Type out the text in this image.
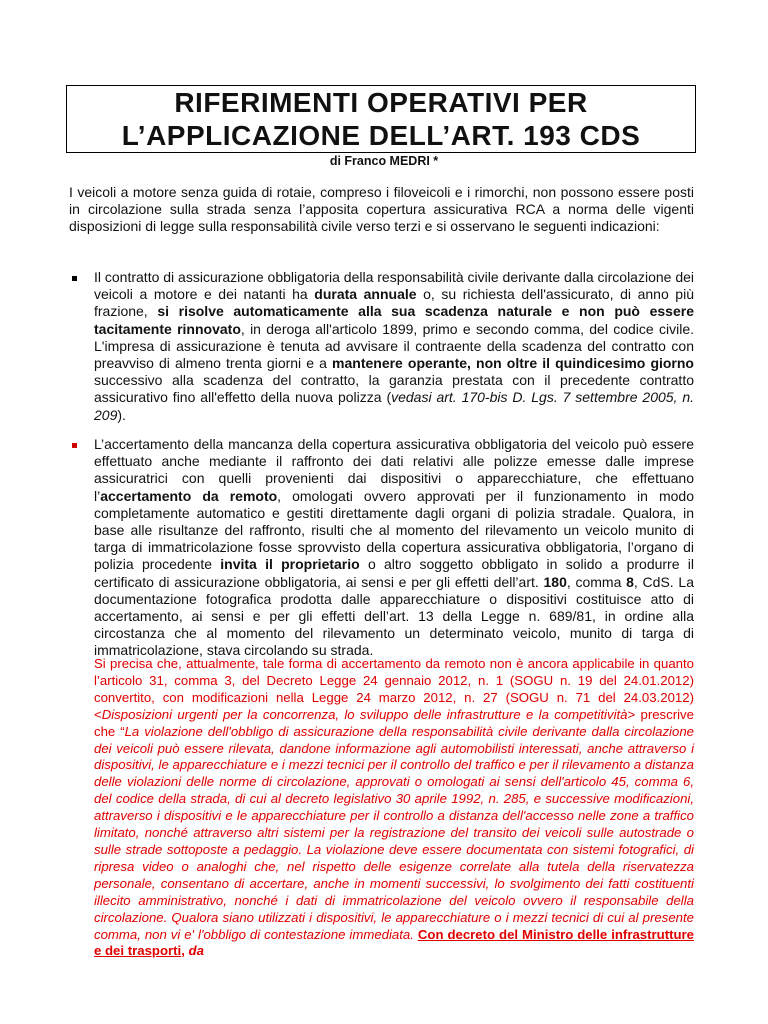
RIFERIMENTI OPERATIVI PER
L’APPLICAZIONE DELL’ART. 193 CDS
di Franco MEDRI *
I veicoli a motore senza guida di rotaie, compreso i filoveicoli e i rimorchi, non possono essere posti in circolazione sulla strada senza l’apposita copertura assicurativa RCA a norma delle vigenti disposizioni di legge sulla responsabilità civile verso terzi e si osservano le seguenti indicazioni:
Il contratto di assicurazione obbligatoria della responsabilità civile derivante dalla circolazione dei veicoli a motore e dei natanti ha durata annuale o, su richiesta dell'assicurato, di anno più frazione, si risolve automaticamente alla sua scadenza naturale e non può essere tacitamente rinnovato, in deroga all'articolo 1899, primo e secondo comma, del codice civile. L'impresa di assicurazione è tenuta ad avvisare il contraente della scadenza del contratto con preavviso di almeno trenta giorni e a mantenere operante, non oltre il quindicesimo giorno successivo alla scadenza del contratto, la garanzia prestata con il precedente contratto assicurativo fino all'effetto della nuova polizza (vedasi art. 170-bis D. Lgs. 7 settembre 2005, n. 209).
L’accertamento della mancanza della copertura assicurativa obbligatoria del veicolo può essere effettuato anche mediante il raffronto dei dati relativi alle polizze emesse dalle imprese assicuratrici con quelli provenienti dai dispositivi o apparecchiature, che effettuano l’accertamento da remoto, omologati ovvero approvati per il funzionamento in modo completamente automatico e gestiti direttamente dagli organi di polizia stradale. Qualora, in base alle risultanze del raffronto, risulti che al momento del rilevamento un veicolo munito di targa di immatricolazione fosse sprovvisto della copertura assicurativa obbligatoria, l’organo di polizia procedente invita il proprietario o altro soggetto obbligato in solido a produrre il certificato di assicurazione obbligatoria, ai sensi e per gli effetti dell’art. 180, comma 8, CdS. La documentazione fotografica prodotta dalle apparecchiature o dispositivi costituisce atto di accertamento, ai sensi e per gli effetti dell’art. 13 della Legge n. 689/81, in ordine alla circostanza che al momento del rilevamento un determinato veicolo, munito di targa di immatricolazione, stava circolando su strada.
Si precisa che, attualmente, tale forma di accertamento da remoto non è ancora applicabile in quanto l’articolo 31, comma 3, del Decreto Legge 24 gennaio 2012, n. 1 (SOGU n. 19 del 24.01.2012) convertito, con modificazioni nella Legge 24 marzo 2012, n. 27 (SOGU n. 71 del 24.03.2012) <Disposizioni urgenti per la concorrenza, lo sviluppo delle infrastrutture e la competitività> prescrive che “La violazione dell'obbligo di assicurazione della responsabilità civile derivante dalla circolazione dei veicoli può essere rilevata, dandone informazione agli automobilisti interessati, anche attraverso i dispositivi, le apparecchiature e i mezzi tecnici per il controllo del traffico e per il rilevamento a distanza delle violazioni delle norme di circolazione, approvati o omologati ai sensi dell'articolo 45, comma 6, del codice della strada, di cui al decreto legislativo 30 aprile 1992, n. 285, e successive modificazioni, attraverso i dispositivi e le apparecchiature per il controllo a distanza dell'accesso nelle zone a traffico limitato, nonché attraverso altri sistemi per la registrazione del transito dei veicoli sulle autostrade o sulle strade sottoposte a pedaggio. La violazione deve essere documentata con sistemi fotografici, di ripresa video o analoghi che, nel rispetto delle esigenze correlate alla tutela della riservatezza personale, consentano di accertare, anche in momenti successivi, lo svolgimento dei fatti costituenti illecito amministrativo, nonché i dati di immatricolazione del veicolo ovvero il responsabile della circolazione. Qualora siano utilizzati i dispositivi, le apparecchiature o i mezzi tecnici di cui al presente comma, non vi e' l'obbligo di contestazione immediata. Con decreto del Ministro delle infrastrutture e dei trasporti, da
